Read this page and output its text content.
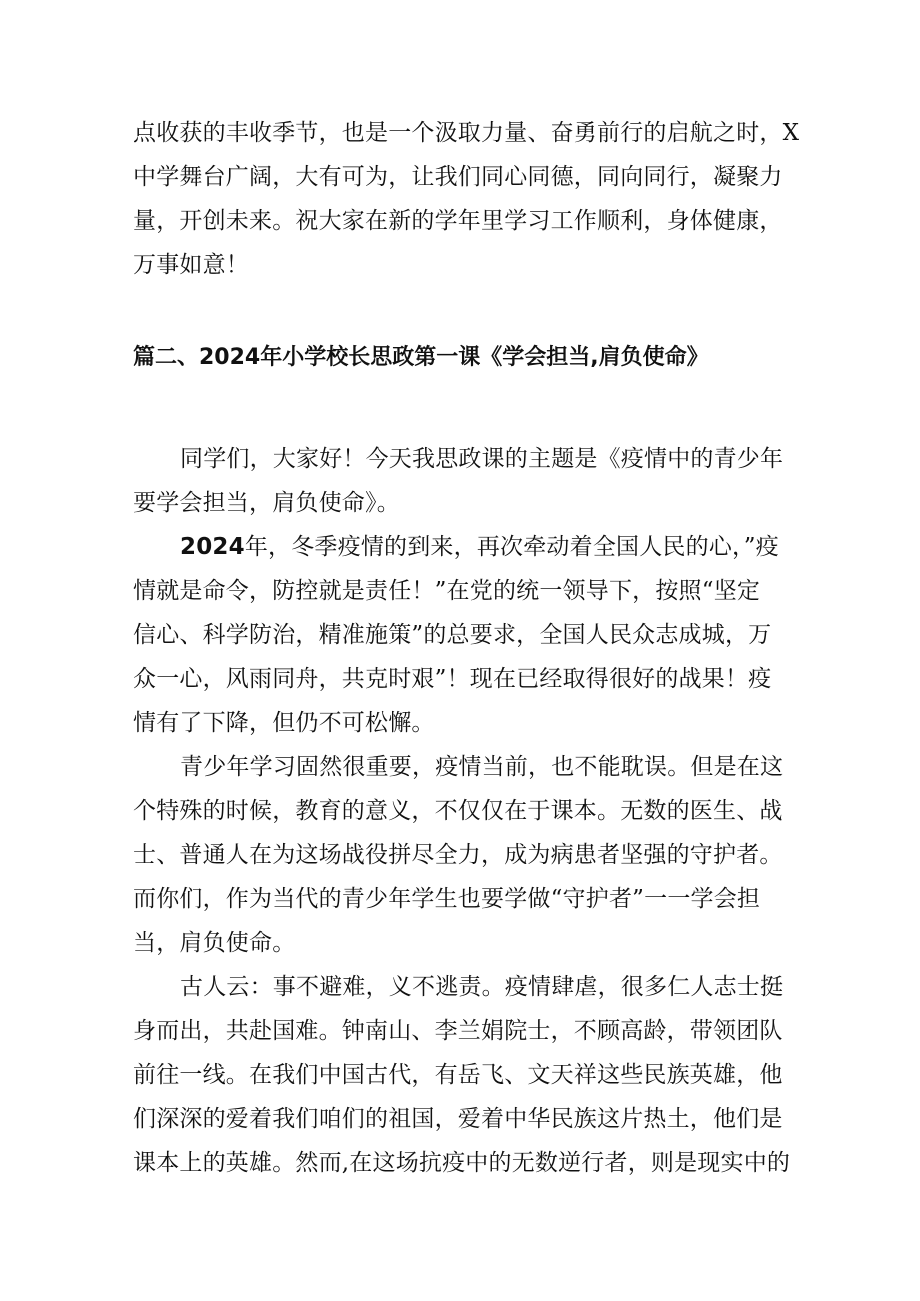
点收获的丰收季节，也是一个汲取力量、奋勇前行的启航之时，X
中学舞台广阔，大有可为，让我们同心同德，同向同行，凝聚力
量，开创未来。祝大家在新的学年里学习工作顺利，身体健康，
万事如意！
篇二、2024年小学校长思政第一课《学会担当,肩负使命》
同学们，大家好！今天我思政课的主题是《疫情中的青少年
要学会担当，肩负使命》。
2024年，冬季疫情的到来，再次牵动着全国人民的心，”疫
情就是命令，防控就是责任！”在党的统一领导下，按照“坚定
信心、科学防治，精准施策”的总要求，全国人民众志成城，万
众一心，风雨同舟，共克时艰”！现在已经取得很好的战果！疫
情有了下降，但仍不可松懈。
青少年学习固然很重要，疫情当前，也不能耽误。但是在这
个特殊的时候，教育的意义，不仅仅在于课本。无数的医生、战
士、普通人在为这场战役拼尽全力，成为病患者坚强的守护者。
而你们，作为当代的青少年学生也要学做“守护者”一一学会担
当，肩负使命。
古人云：事不避难，义不逃责。疫情肆虐，很多仁人志士挺
身而出，共赴国难。钟南山、李兰娟院士，不顾高龄，带领团队
前往一线。在我们中国古代，有岳飞、文天祥这些民族英雄，他
们深深的爱着我们咱们的祖国，爱着中华民族这片热土，他们是
课本上的英雄。然而,在这场抗疫中的无数逆行者，则是现实中的
